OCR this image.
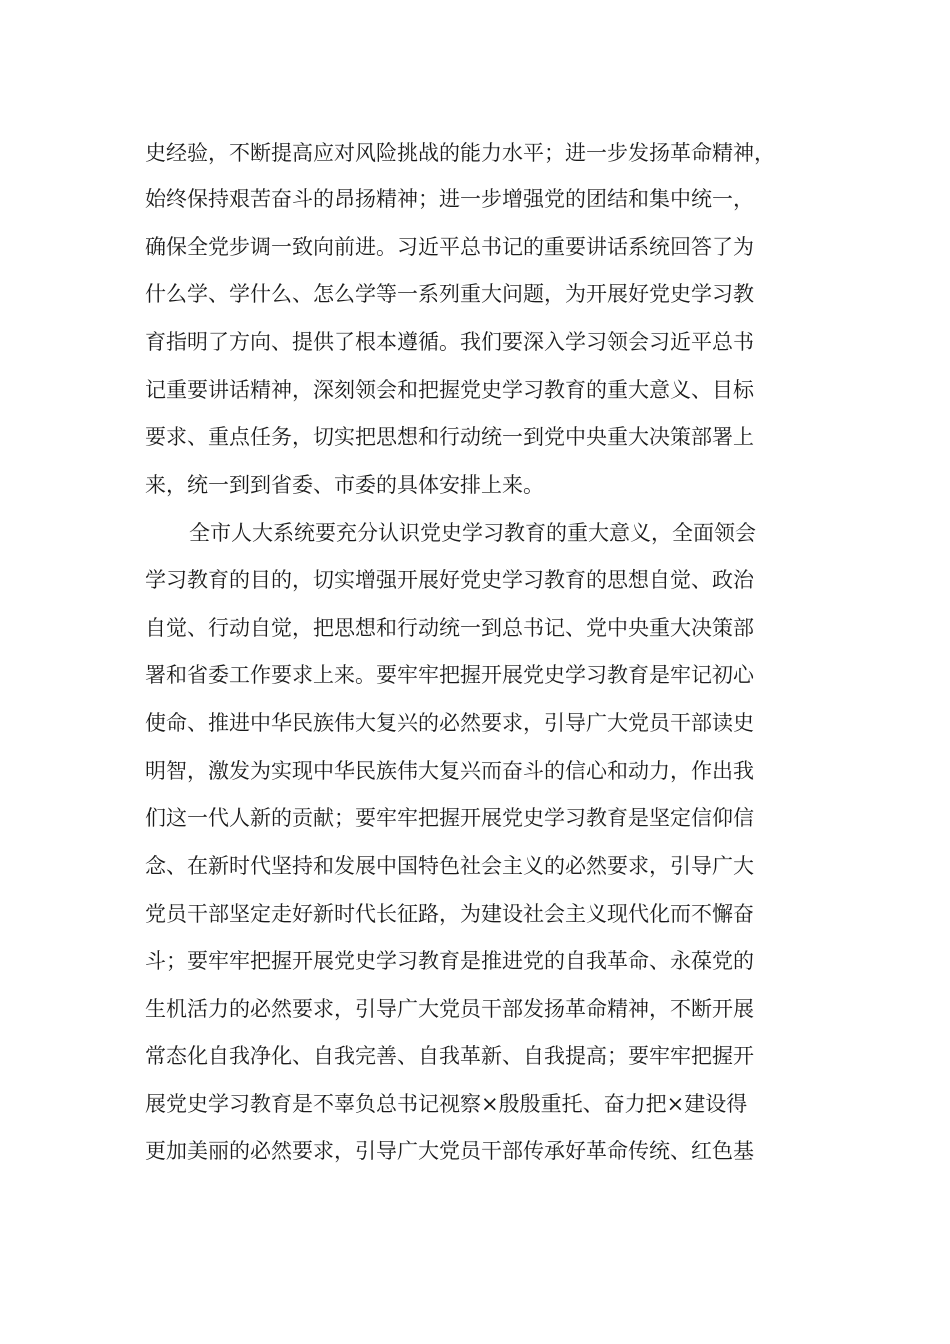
史经验，不断提高应对风险挑战的能力水平；进一步发扬革命精神，
始终保持艰苦奋斗的昂扬精神；进一步增强党的团结和集中统一，
确保全党步调一致向前进。习近平总书记的重要讲话系统回答了为
什么学、学什么、怎么学等一系列重大问题，为开展好党史学习教
育指明了方向、提供了根本遵循。我们要深入学习领会习近平总书
记重要讲话精神，深刻领会和把握党史学习教育的重大意义、目标
要求、重点任务，切实把思想和行动统一到党中央重大决策部署上
来，统一到到省委、市委的具体安排上来。
全市人大系统要充分认识党史学习教育的重大意义，全面领会
学习教育的目的，切实增强开展好党史学习教育的思想自觉、政治
自觉、行动自觉，把思想和行动统一到总书记、党中央重大决策部
署和省委工作要求上来。要牢牢把握开展党史学习教育是牢记初心
使命、推进中华民族伟大复兴的必然要求，引导广大党员干部读史
明智，激发为实现中华民族伟大复兴而奋斗的信心和动力，作出我
们这一代人新的贡献；要牢牢把握开展党史学习教育是坚定信仰信
念、在新时代坚持和发展中国特色社会主义的必然要求，引导广大
党员干部坚定走好新时代长征路，为建设社会主义现代化而不懈奋
斗；要牢牢把握开展党史学习教育是推进党的自我革命、永葆党的
生机活力的必然要求，引导广大党员干部发扬革命精神，不断开展
常态化自我净化、自我完善、自我革新、自我提高；要牢牢把握开
展党史学习教育是不辜负总书记视察×殷殷重托、奋力把×建设得
更加美丽的必然要求，引导广大党员干部传承好革命传统、红色基
